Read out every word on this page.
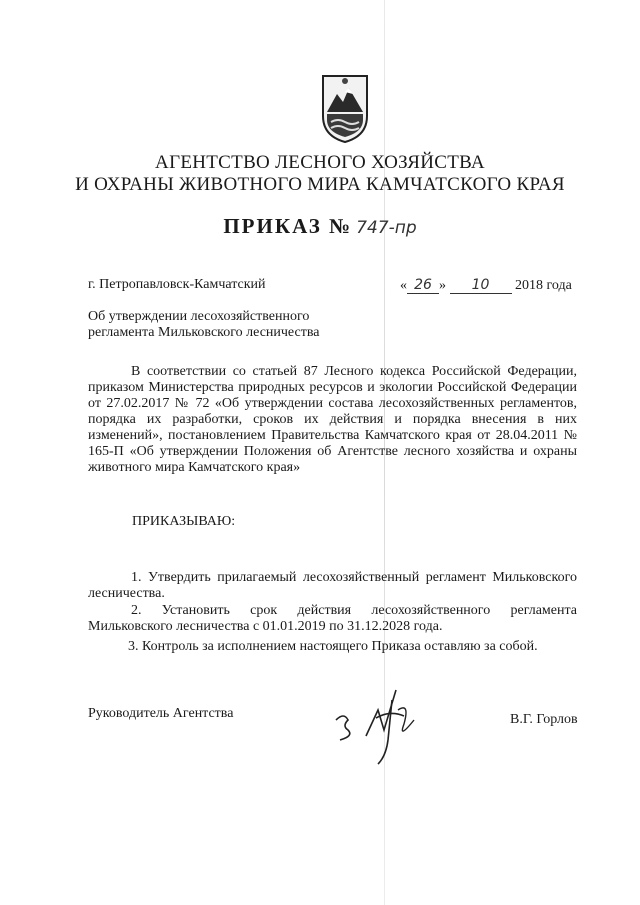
АГЕНТСТВО ЛЕСНОГО ХОЗЯЙСТВА
И ОХРАНЫ ЖИВОТНОГО МИРА КАМЧАТСКОГО КРАЯ
ПРИКАЗ № 747-пр
г. Петропавловск-Камчатский	« 26 » 10 2018 года
Об утверждении лесохозяйственного
регламента Мильковского лесничества
В соответствии со статьей 87 Лесного кодекса Российской Федерации, приказом Министерства природных ресурсов и экологии Российской Федерации от 27.02.2017 № 72 «Об утверждении состава лесохозяйственных регламентов, порядка их разработки, сроков их действия и порядка внесения в них изменений», постановлением Правительства Камчатского края от 28.04.2011 № 165-П «Об утверждении Положения об Агентстве лесного хозяйства и охраны животного мира Камчатского края»
ПРИКАЗЫВАЮ:
1. Утвердить прилагаемый лесохозяйственный регламент Мильковского лесничества.
2. Установить срок действия лесохозяйственного регламента Мильковского лесничества с 01.01.2019 по 31.12.2028 года.
3. Контроль за исполнением настоящего Приказа оставляю за собой.
Руководитель Агентства	В.Г. Горлов
